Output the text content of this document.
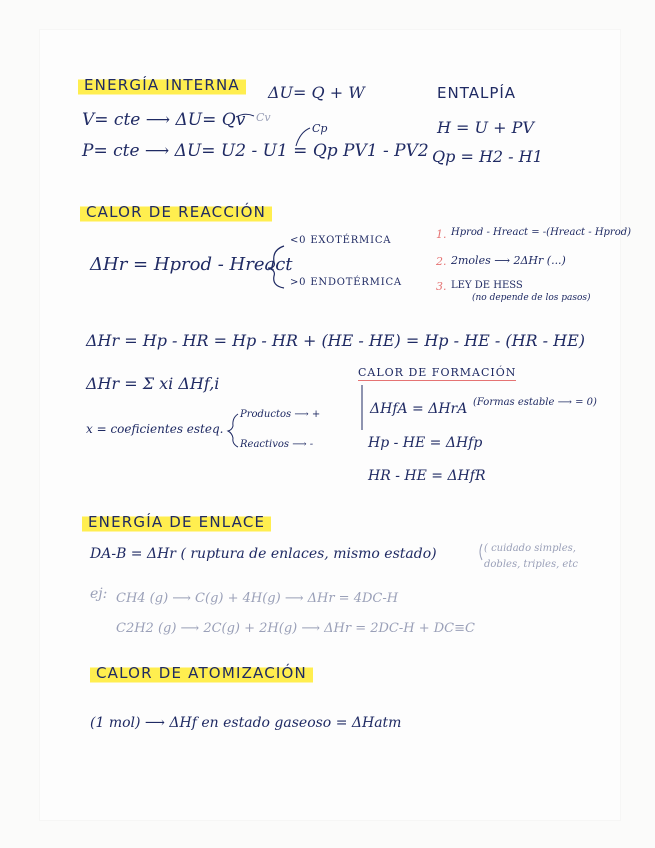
ENERGÍA INTERNA	ΔU= Q + W
V= cte ⟶ ΔU= Qv Cv
Cp
P= cte ⟶ ΔU= U2 - U1 = Qp PV1 - PV2
ENTALPÍA
H = U + PV
Qp = H2 - H1
CALOR DE REACCIÓN
ΔHr = Hprod - Hreact
<0 EXOTÉRMICA
>0 ENDOTÉRMICA
1. Hprod - Hreact = -(Hreact - Hprod)
2. 2moles ⟶ 2ΔHr (...)
3. LEY DE HESS
(no depende de los pasos)
ΔHr = Hp - HR = Hp - HR + (HE - HE) = Hp - HE - (HR - HE)
ΔHr = Σ xi ΔHf,i
x = coeficientes esteq.
Productos ⟶ +
Reactivos ⟶ -
CALOR DE FORMACIÓN
ΔHfA = ΔHrA (Formas estable ⟶ = 0)
Hp - HE = ΔHfp
HR - HE = ΔHfR
ENERGÍA DE ENLACE
DA-B = ΔHr ( ruptura de enlaces, mismo estado)	( cuidado simples, dobles, triples, etc
ej: CH4 (g) ⟶ C(g) + 4H(g) ⟶ ΔHr = 4DC-H
C2H2 (g) ⟶ 2C(g) + 2H(g) ⟶ ΔHr = 2DC-H + DC≡C
CALOR DE ATOMIZACIÓN
(1 mol) ⟶ ΔHf en estado gaseoso = ΔHatm
